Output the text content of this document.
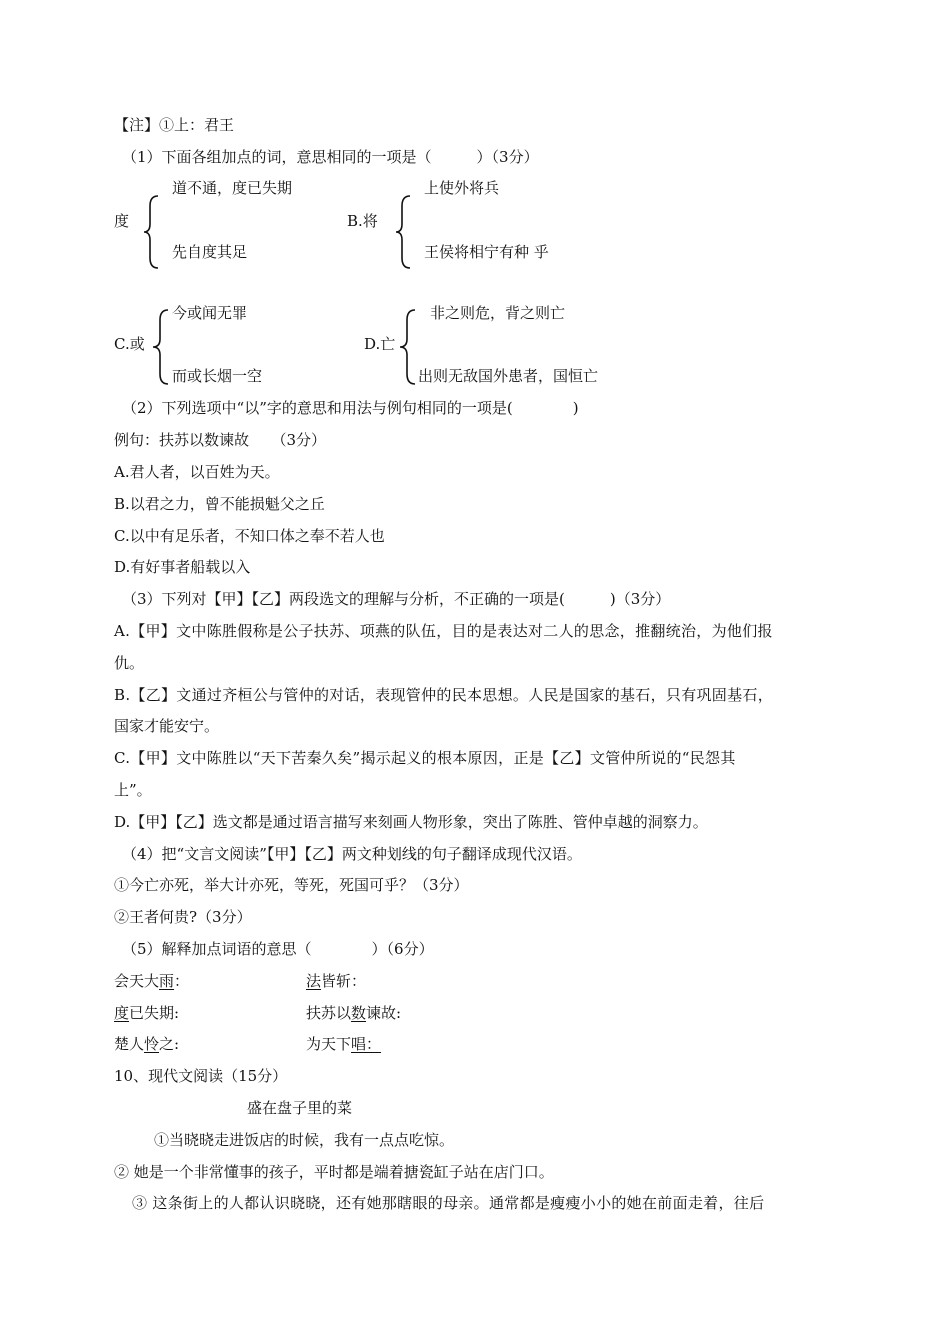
【注】①上：君王
（1）下面各组加点的词，意思相同的一项是（　　　）（3分）
道不通，度已失期
度
先自度其足
上使外将兵
B.将
王侯将相宁有种 乎
今或闻无罪
C.或
而或长烟一空
非之则危，背之则亡
D.亡
出则无敌国外患者，国恒亡
（2）下列选项中“以”字的意思和用法与例句相同的一项是(　　　　)
例句：扶苏以数谏故　　（3分）
A.君人者，以百姓为天。
B.以君之力，曾不能损魁父之丘
C.以中有足乐者，不知口体之奉不若人也
D.有好事者船载以入
（3）下列对【甲】【乙】两段选文的理解与分析，不正确的一项是(　　　)（3分）
A.【甲】文中陈胜假称是公子扶苏、项燕的队伍，目的是表达对二人的思念，推翻统治，为他们报
仇。
B.【乙】文通过齐桓公与管仲的对话，表现管仲的民本思想。人民是国家的基石，只有巩固基石，
国家才能安宁。
C.【甲】文中陈胜以“天下苦秦久矣”揭示起义的根本原因，正是【乙】文管仲所说的“民怨其
上”。
D.【甲】【乙】选文都是通过语言描写来刻画人物形象，突出了陈胜、管仲卓越的洞察力。
（4）把“文言文阅读”【甲】【乙】两文种划线的句子翻译成现代汉语。
①今亡亦死，举大计亦死，等死，死国可乎？（3分）
②王者何贵?（3分）
（5）解释加点词语的意思（　　　　）（6分）
会天大雨：	法皆斩：
度已失期:	扶苏以数谏故:
楚人怜之:	为天下唱：
10、现代文阅读（15分）
盛在盘子里的菜
①当晓晓走进饭店的时候，我有一点点吃惊。
② 她是一个非常懂事的孩子，平时都是端着搪瓷缸子站在店门口。
③ 这条街上的人都认识晓晓，还有她那瞎眼的母亲。通常都是瘦瘦小小的她在前面走着，往后
